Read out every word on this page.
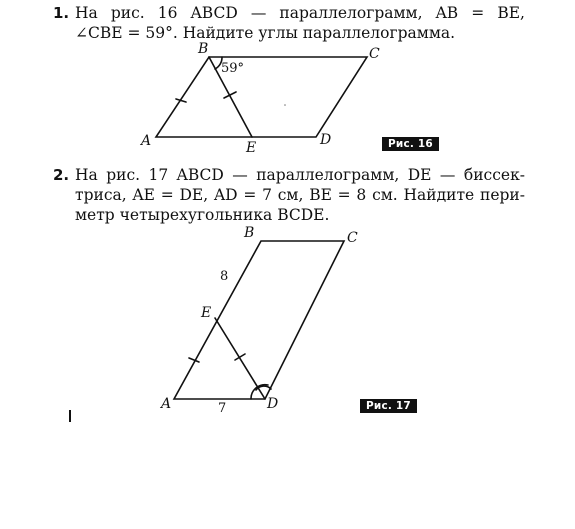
1. На рис. 16 ABCD — параллелограмм, AB = BE,
∠CBE = 59°. Найдите углы параллелограмма.
2. На рис. 17 ABCD — параллелограмм, DE — биссек-
триса, AE = DE, AD = 7 см, BE = 8 см. Найдите пери-
метр четырехугольника BCDE.
B	C
A	D
E
59°
B	C
E
A	D
8
7
Рис. 16
Рис. 17
